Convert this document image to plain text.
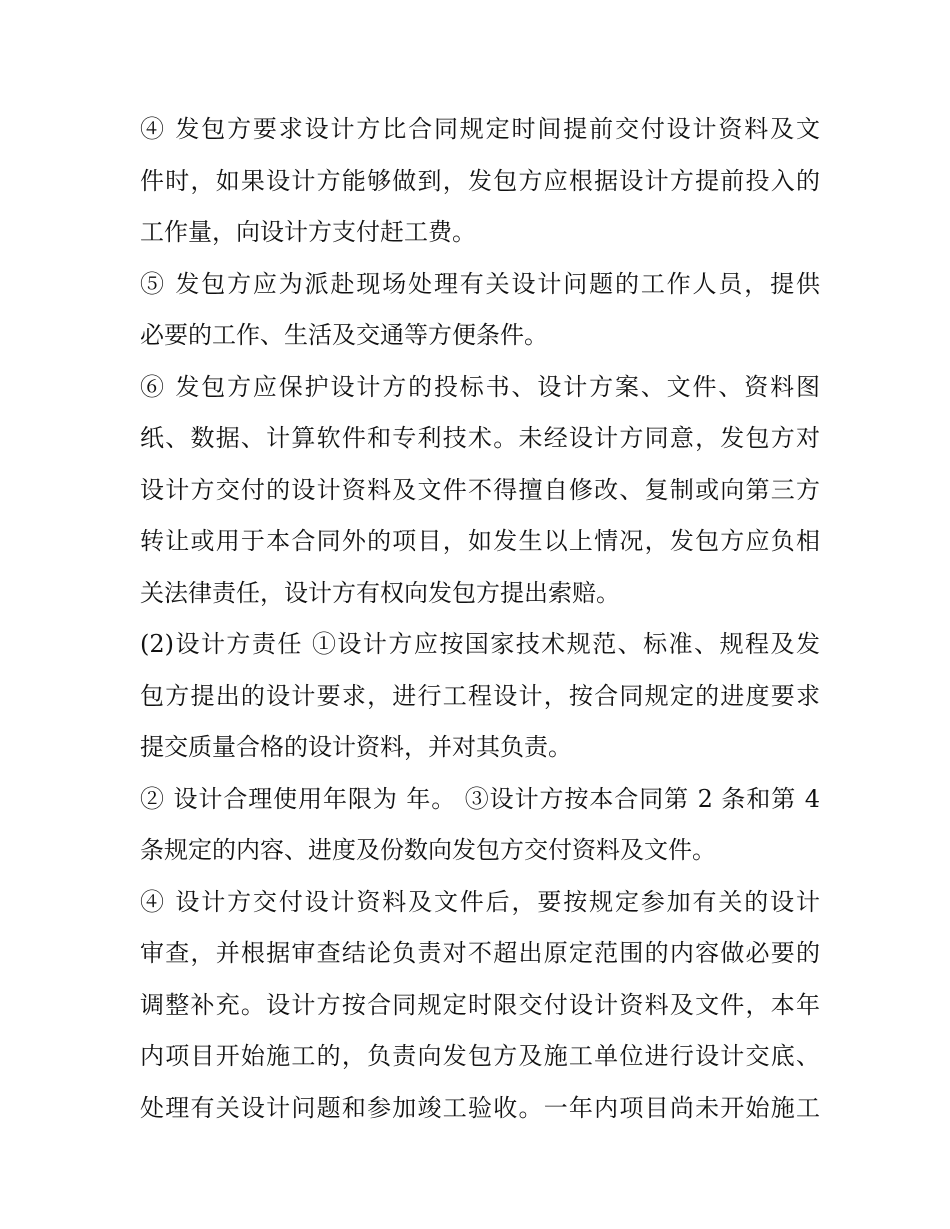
④ 发包方要求设计方比合同规定时间提前交付设计资料及文
件时，如果设计方能够做到，发包方应根据设计方提前投入的
工作量，向设计方支付赶工费。
⑤ 发包方应为派赴现场处理有关设计问题的工作人员，提供
必要的工作、生活及交通等方便条件。
⑥ 发包方应保护设计方的投标书、设计方案、文件、资料图
纸、数据、计算软件和专利技术。未经设计方同意，发包方对
设计方交付的设计资料及文件不得擅自修改、复制或向第三方
转让或用于本合同外的项目，如发生以上情况，发包方应负相
关法律责任，设计方有权向发包方提出索赔。
(2)设计方责任 ①设计方应按国家技术规范、标准、规程及发
包方提出的设计要求，进行工程设计，按合同规定的进度要求
提交质量合格的设计资料，并对其负责。
② 设计合理使用年限为 年。 ③设计方按本合同第 2 条和第 4
条规定的内容、进度及份数向发包方交付资料及文件。
④ 设计方交付设计资料及文件后，要按规定参加有关的设计
审查，并根据审查结论负责对不超出原定范围的内容做必要的
调整补充。设计方按合同规定时限交付设计资料及文件，本年
内项目开始施工的，负责向发包方及施工单位进行设计交底、
处理有关设计问题和参加竣工验收。一年内项目尚未开始施工
